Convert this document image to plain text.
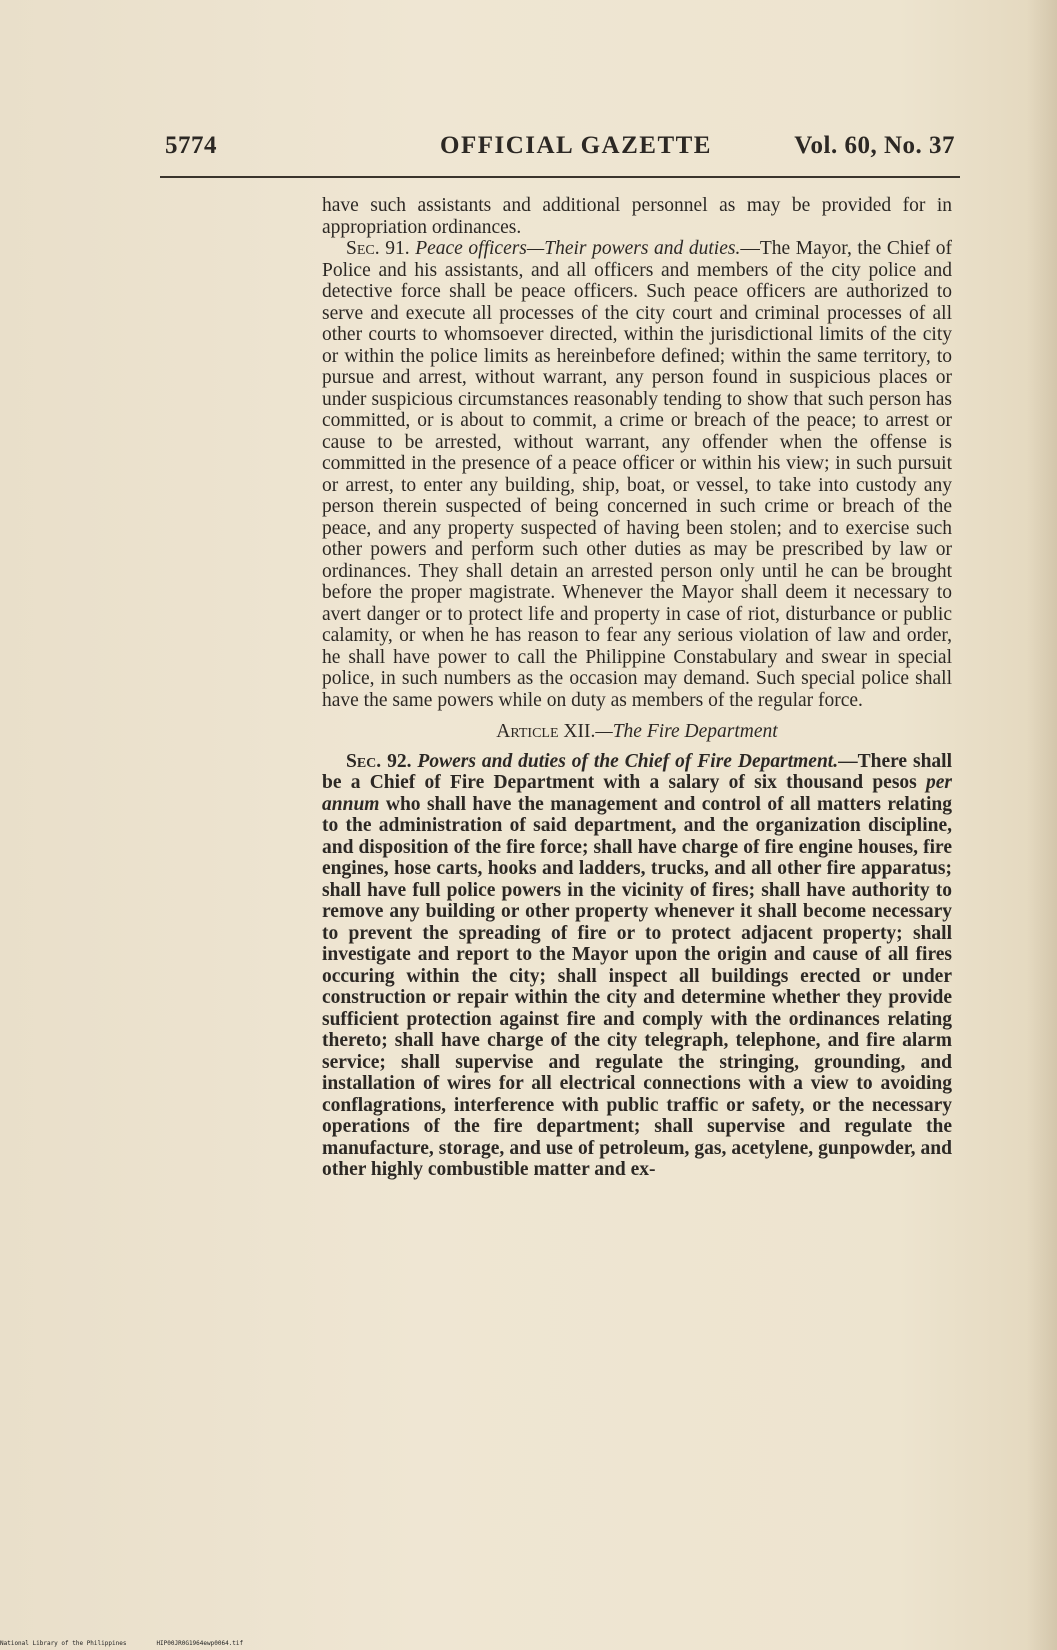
5774	OFFICIAL GAZETTE	Vol. 60, No. 37

have such assistants and additional personnel as may be provided for in appropriation ordinances.

Sec. 91. Peace officers—Their powers and duties.—The Mayor, the Chief of Police and his assistants, and all officers and members of the city police and detective force shall be peace officers. Such peace officers are authorized to serve and execute all processes of the city court and criminal processes of all other courts to whomsoever directed, within the jurisdictional limits of the city or within the police limits as hereinbefore defined; within the same territory, to pursue and arrest, without warrant, any person found in suspicious places or under suspicious circumstances reasonably tending to show that such person has committed, or is about to commit, a crime or breach of the peace; to arrest or cause to be arrested, without warrant, any offender when the offense is committed in the presence of a peace officer or within his view; in such pursuit or arrest, to enter any building, ship, boat, or vessel, to take into custody any person therein suspected of being concerned in such crime or breach of the peace, and any property suspected of having been stolen; and to exercise such other powers and perform such other duties as may be prescribed by law or ordinances. They shall detain an arrested person only until he can be brought before the proper magistrate. Whenever the Mayor shall deem it necessary to avert danger or to protect life and property in case of riot, disturbance or public calamity, or when he has reason to fear any serious violation of law and order, he shall have power to call the Philippine Constabulary and swear in special police, in such numbers as the occasion may demand. Such special police shall have the same powers while on duty as members of the regular force.

Article XII.—The Fire Department

Sec. 92. Powers and duties of the Chief of Fire Department.—There shall be a Chief of Fire Department with a salary of six thousand pesos per annum who shall have the management and control of all matters relating to the administration of said department, and the organization discipline, and disposition of the fire force; shall have charge of fire engine houses, fire engines, hose carts, hooks and ladders, trucks, and all other fire apparatus; shall have full police powers in the vicinity of fires; shall have authority to remove any building or other property whenever it shall become necessary to prevent the spreading of fire or to protect adjacent property; shall investigate and report to the Mayor upon the origin and cause of all fires occuring within the city; shall inspect all buildings erected or under construction or repair within the city and determine whether they provide sufficient protection against fire and comply with the ordinances relating thereto; shall have charge of the city telegraph, telephone, and fire alarm service; shall supervise and regulate the stringing, grounding, and installation of wires for all electrical connections with a view to avoiding conflagrations, interference with public traffic or safety, or the necessary operations of the fire department; shall supervise and regulate the manufacture, storage, and use of petroleum, gas, acetylene, gunpowder, and other highly combustible matter and ex-

National Library of the Philippines	HIP00JR0G1964ewp0064.tif
